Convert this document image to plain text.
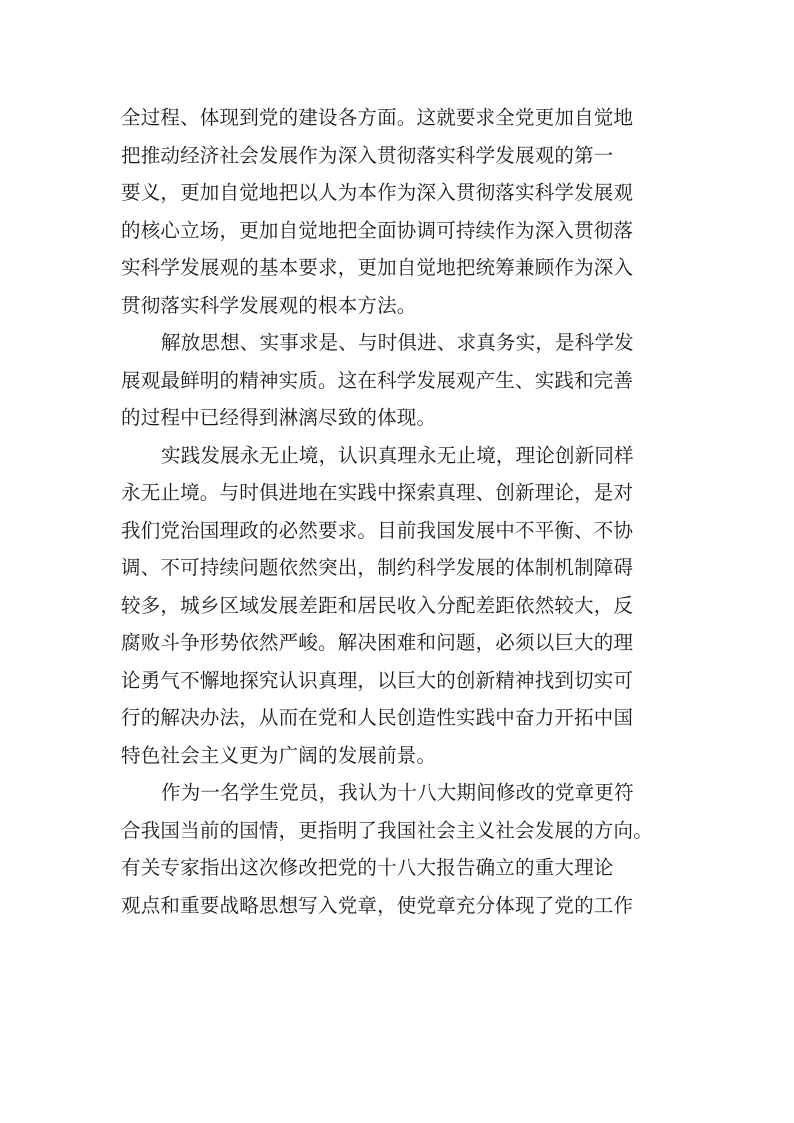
全过程、体现到党的建设各方面。这就要求全党更加自觉地
把推动经济社会发展作为深入贯彻落实科学发展观的第一
要义，更加自觉地把以人为本作为深入贯彻落实科学发展观
的核心立场，更加自觉地把全面协调可持续作为深入贯彻落
实科学发展观的基本要求，更加自觉地把统筹兼顾作为深入
贯彻落实科学发展观的根本方法。
解放思想、实事求是、与时俱进、求真务实，是科学发
展观最鲜明的精神实质。这在科学发展观产生、实践和完善
的过程中已经得到淋漓尽致的体现。
实践发展永无止境，认识真理永无止境，理论创新同样
永无止境。与时俱进地在实践中探索真理、创新理论，是对
我们党治国理政的必然要求。目前我国发展中不平衡、不协
调、不可持续问题依然突出，制约科学发展的体制机制障碍
较多，城乡区域发展差距和居民收入分配差距依然较大，反
腐败斗争形势依然严峻。解决困难和问题，必须以巨大的理
论勇气不懈地探究认识真理，以巨大的创新精神找到切实可
行的解决办法，从而在党和人民创造性实践中奋力开拓中国
特色社会主义更为广阔的发展前景。
作为一名学生党员，我认为十八大期间修改的党章更符
合我国当前的国情，更指明了我国社会主义社会发展的方向。
有关专家指出这次修改把党的十八大报告确立的重大理论
观点和重要战略思想写入党章，使党章充分体现了党的工作
